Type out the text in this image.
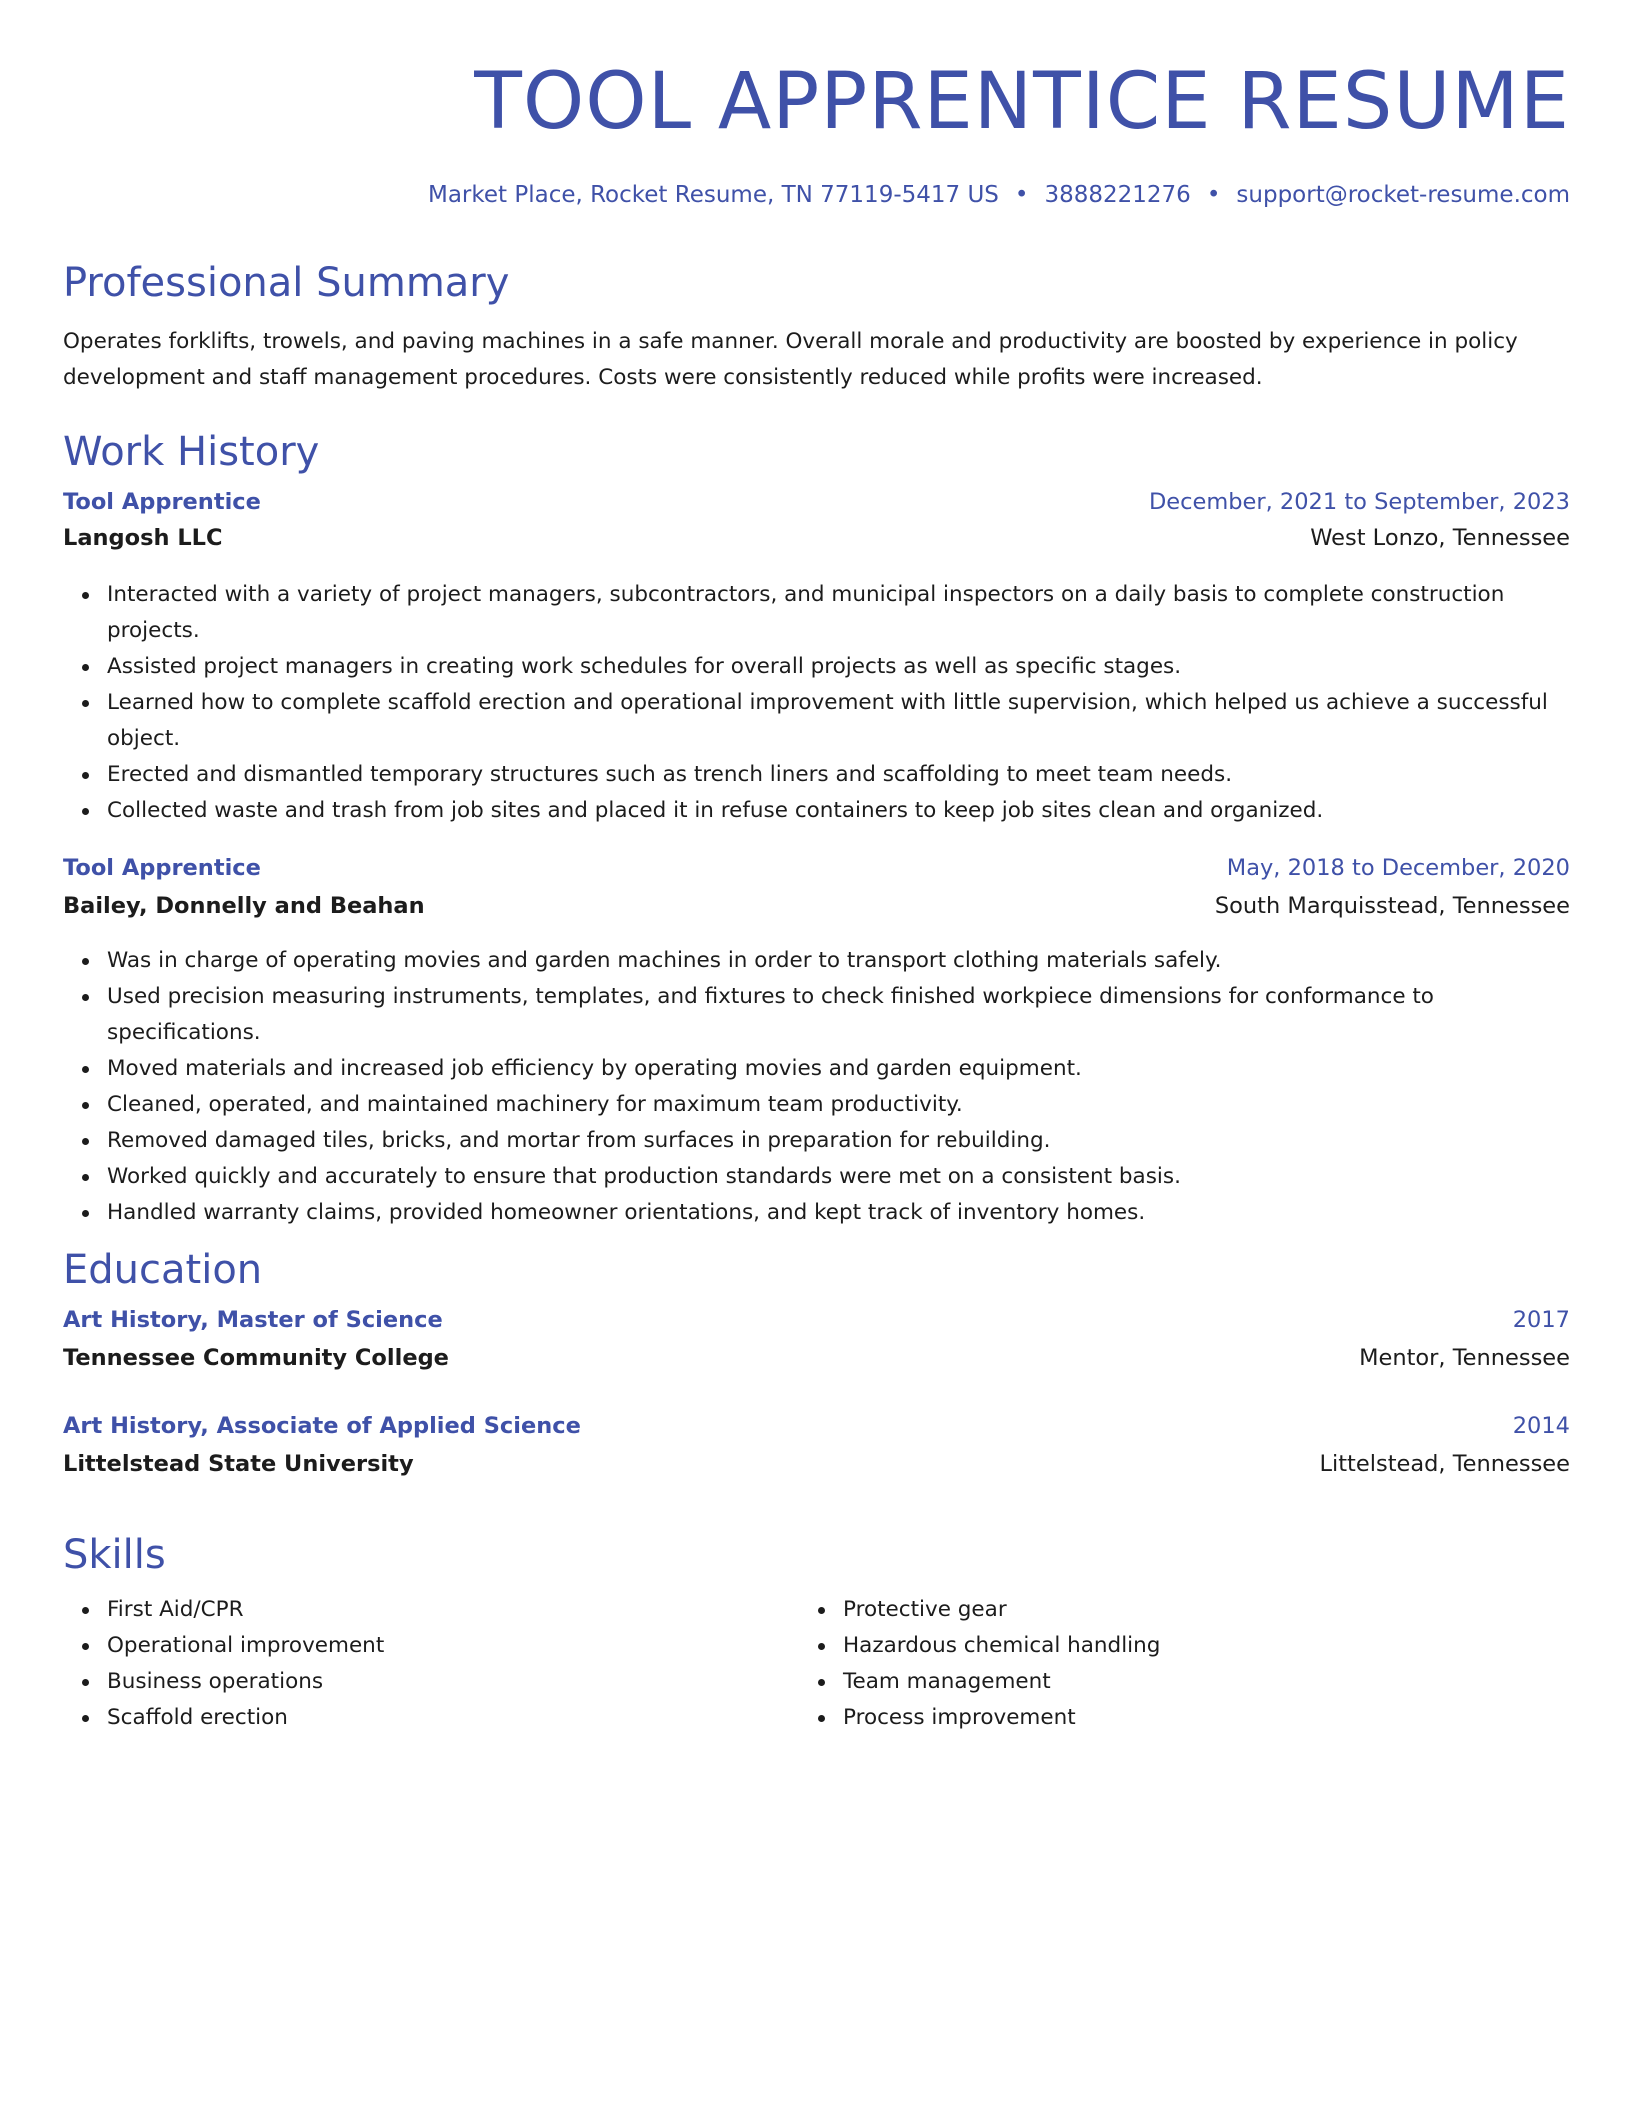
TOOL APPRENTICE RESUME
Market Place, Rocket Resume, TN 77119-5417 US • 3888221276 • support@rocket-resume.com
Professional Summary

Operates forklifts, trowels, and paving machines in a safe manner. Overall morale and productivity are boosted by experience in policy development and staff management procedures. Costs were consistently reduced while profits were increased.

Work History
Tool Apprentice	December, 2021 to September, 2023
Langosh LLC	West Lonzo, Tennessee
Interacted with a variety of project managers, subcontractors, and municipal inspectors on a daily basis to complete construction projects.
Assisted project managers in creating work schedules for overall projects as well as specific stages.
Learned how to complete scaffold erection and operational improvement with little supervision, which helped us achieve a successful object.
Erected and dismantled temporary structures such as trench liners and scaffolding to meet team needs.
Collected waste and trash from job sites and placed it in refuse containers to keep job sites clean and organized.
Tool Apprentice	May, 2018 to December, 2020
Bailey, Donnelly and Beahan	South Marquisstead, Tennessee
Was in charge of operating movies and garden machines in order to transport clothing materials safely.
Used precision measuring instruments, templates, and fixtures to check finished workpiece dimensions for conformance to specifications.
Moved materials and increased job efficiency by operating movies and garden equipment.
Cleaned, operated, and maintained machinery for maximum team productivity.
Removed damaged tiles, bricks, and mortar from surfaces in preparation for rebuilding.
Worked quickly and accurately to ensure that production standards were met on a consistent basis.
Handled warranty claims, provided homeowner orientations, and kept track of inventory homes.
Education
Art History, Master of Science	2017
Tennessee Community College	Mentor, Tennessee
Art History, Associate of Applied Science	2014
Littelstead State University	Littelstead, Tennessee
Skills
First Aid/CPR
Operational improvement
Business operations
Scaffold erection
Protective gear
Hazardous chemical handling
Team management
Process improvement
